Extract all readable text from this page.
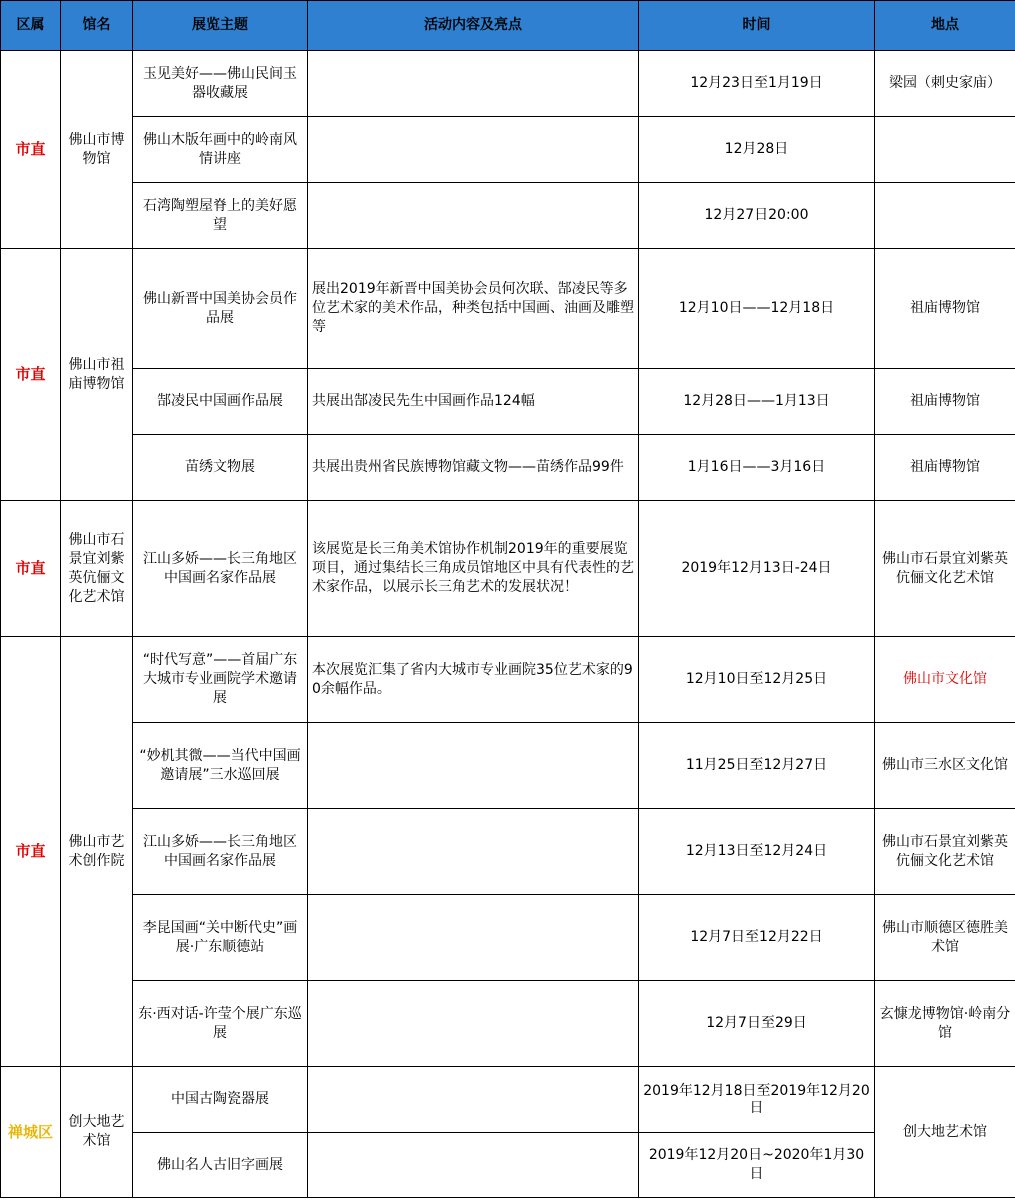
区属	馆名	展览主题	活动内容及亮点	时间	地点
市直	佛山市博物馆	玉见美好——佛山民间玉器收藏展		12月23日至1月19日	梁园（刺史家庙）
		佛山木版年画中的岭南风情讲座		12月28日	
		石湾陶塑屋脊上的美好愿望		12月27日20:00	
市直	佛山市祖庙博物馆	佛山新晋中国美协会员作品展	展出2019年新晋中国美协会员何次联、郜凌民等多位艺术家的美术作品，种类包括中国画、油画及雕塑等	12月10日——12月18日	祖庙博物馆
		郜凌民中国画作品展	共展出郜凌民先生中国画作品124幅	12月28日——1月13日	祖庙博物馆
		苗绣文物展	共展出贵州省民族博物馆藏文物——苗绣作品99件	1月16日——3月16日	祖庙博物馆
市直	佛山市石景宜刘紫英伉俪文化艺术馆	江山多娇——长三角地区中国画名家作品展	该展览是长三角美术馆协作机制2019年的重要展览项目，通过集结长三角成员馆地区中具有代表性的艺术家作品，以展示长三角艺术的发展状况！	2019年12月13日-24日	佛山市石景宜刘紫英伉俪文化艺术馆
市直	佛山市艺术创作院	“时代写意”——首届广东大城市专业画院学术邀请展	本次展览汇集了省内大城市专业画院35位艺术家的90余幅作品。	12月10日至12月25日	佛山市文化馆
		“妙机其微——当代中国画邀请展”三水巡回展		11月25日至12月27日	佛山市三水区文化馆
		江山多娇——长三角地区中国画名家作品展		12月13日至12月24日	佛山市石景宜刘紫英伉俪文化艺术馆
		李昆国画“关中断代史”画展·广东顺德站		12月7日至12月22日	佛山市顺德区德胜美术馆
		东·西对话-许莹个展广东巡展		12月7日至29日	玄慷龙博物馆·岭南分馆
禅城区	创大地艺术馆	中国古陶瓷器展		2019年12月18日至2019年12月20日	创大地艺术馆
		佛山名人古旧字画展		2019年12月20日~2020年1月30日	
